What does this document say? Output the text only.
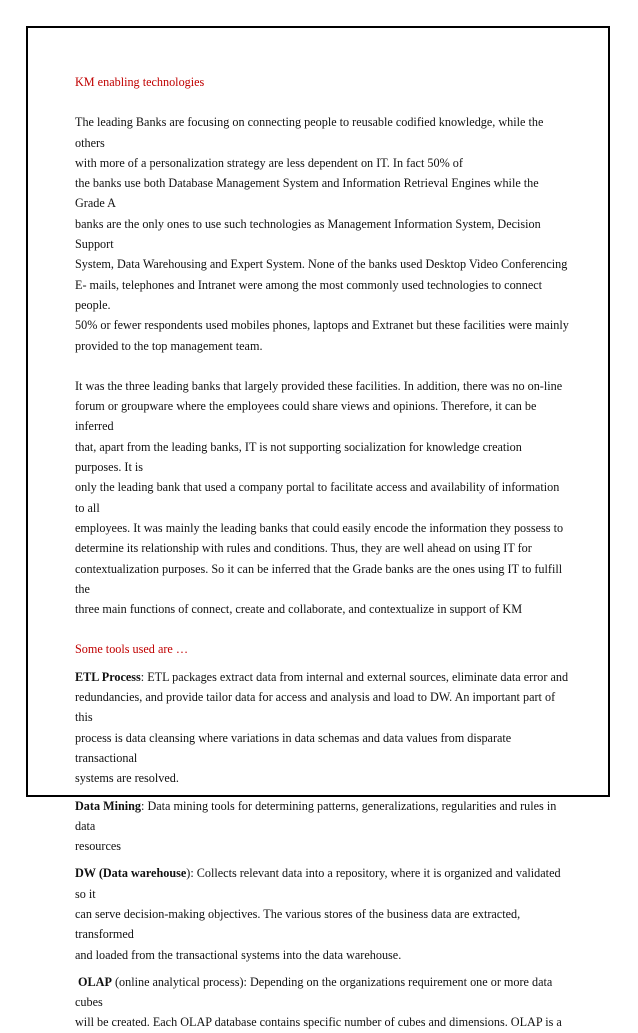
KM enabling technologies

The leading Banks are focusing on connecting people to reusable codified knowledge, while the others

with more of a personalization strategy are less dependent on IT. In fact 50% of

the banks use both Database Management System and Information Retrieval Engines while the Grade A

banks are the only ones to use such technologies as Management Information System, Decision Support

System, Data Warehousing and Expert System. None of the banks used Desktop Video Conferencing

E- mails, telephones and Intranet were among the most commonly used technologies to connect people.

50% or fewer respondents used mobiles phones, laptops and Extranet but these facilities were mainly

provided to the top management team.

It was the three leading banks that largely provided these facilities. In addition, there was no on-line

forum or groupware where the employees could share views and opinions. Therefore, it can be inferred

that, apart from the leading banks, IT is not supporting socialization for knowledge creation purposes. It is

only the leading bank that used a company portal to facilitate access and availability of information to all

employees. It was mainly the leading banks that could easily encode the information they possess to

determine its relationship with rules and conditions. Thus, they are well ahead on using IT for

contextualization purposes. So it can be inferred that the Grade banks are the ones using IT to fulfill the

three main functions of connect, create and collaborate, and contextualize in support of KM

Some tools used are …

ETL Process: ETL packages extract data from internal and external sources, eliminate data error and

redundancies, and provide tailor data for access and analysis and load to DW. An important part of this

process is data cleansing where variations in data schemas and data values from disparate transactional

systems are resolved.

Data Mining: Data mining tools for determining patterns, generalizations, regularities and rules in data

resources

DW (Data warehouse): Collects relevant data into a repository, where it is organized and validated so it

can serve decision-making objectives. The various stores of the business data are extracted, transformed

and loaded from the transactional systems into the data warehouse.

OLAP (online analytical process): Depending on the organizations requirement one or more data cubes

will be created. Each OLAP database contains specific number of cubes and dimensions. OLAP is a
